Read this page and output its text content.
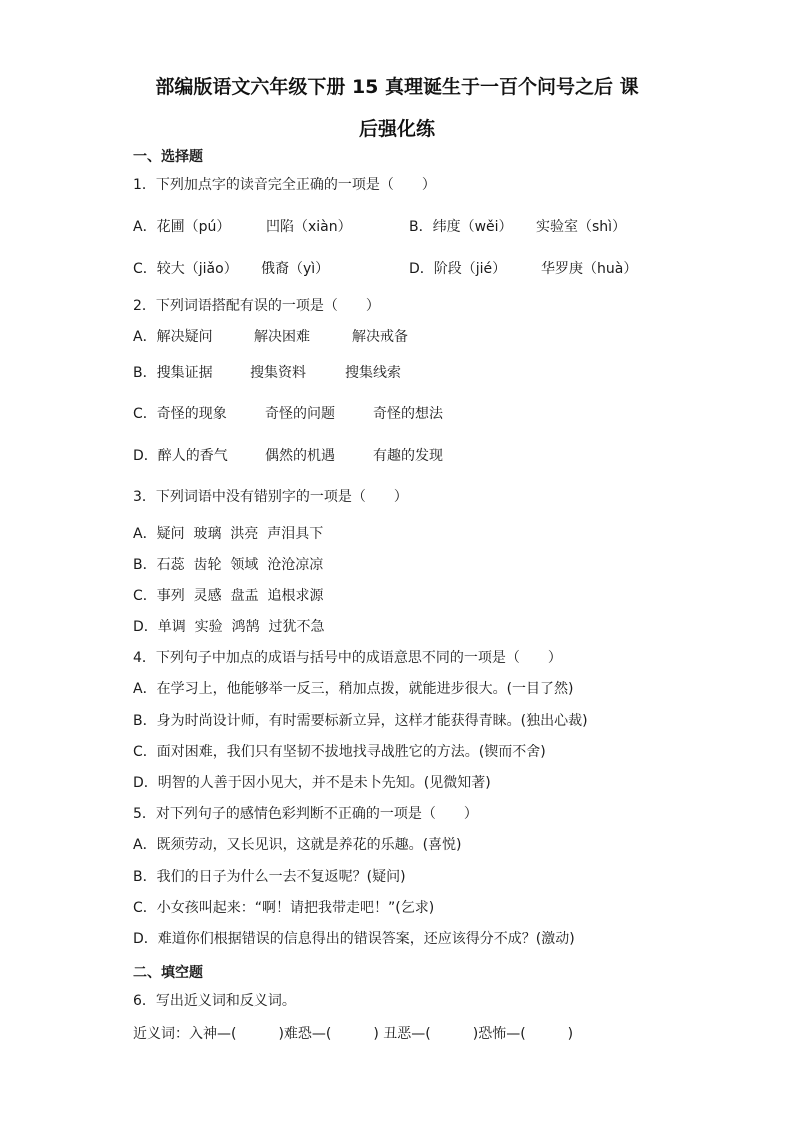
部编版语文六年级下册 15 真理诞生于一百个问号之后 课
后强化练
一、选择题
1．下列加点字的读音完全正确的一项是（　　）
A．花圃（pú）	凹陷（xiàn）	B．纬度（wěi） 实验室（shì）
C．较大（jiǎo） 俄裔（yì）	D．阶段（jié） 华罗庚（huà）
2．下列词语搭配有误的一项是（　　）
A．解决疑问	解决困难	解决戒备
B．搜集证据	搜集资料	搜集线索
C．奇怪的现象	奇怪的问题	奇怪的想法
D．醉人的香气	偶然的机遇	有趣的发现
3．下列词语中没有错别字的一项是（　　）
A．疑问  玻璃  洪亮  声泪具下
B．石蕊  齿轮  领域  沧沧凉凉
C．事列  灵感  盘盂  追根求源
D．单调  实验  鸿鹄  过犹不急
4．下列句子中加点的成语与括号中的成语意思不同的一项是（　　）
A．在学习上，他能够举一反三，稍加点拨，就能进步很大。(一目了然)
B．身为时尚设计师，有时需要标新立异，这样才能获得青睐。(独出心裁)
C．面对困难，我们只有坚韧不拔地找寻战胜它的方法。(锲而不舍)
D．明智的人善于因小见大，并不是未卜先知。(见微知著)
5．对下列句子的感情色彩判断不正确的一项是（　　）
A．既须劳动，又长见识，这就是养花的乐趣。(喜悦)
B．我们的日子为什么一去不复返呢？(疑问)
C．小女孩叫起来：“啊！请把我带走吧！”(乞求)
D．难道你们根据错误的信息得出的错误答案，还应该得分不成？(激动)
二、填空题
6．写出近义词和反义词。
近义词：入神—(　　　)难恐—(　　　) 丑恶—(　　　)恐怖—(　　　)
